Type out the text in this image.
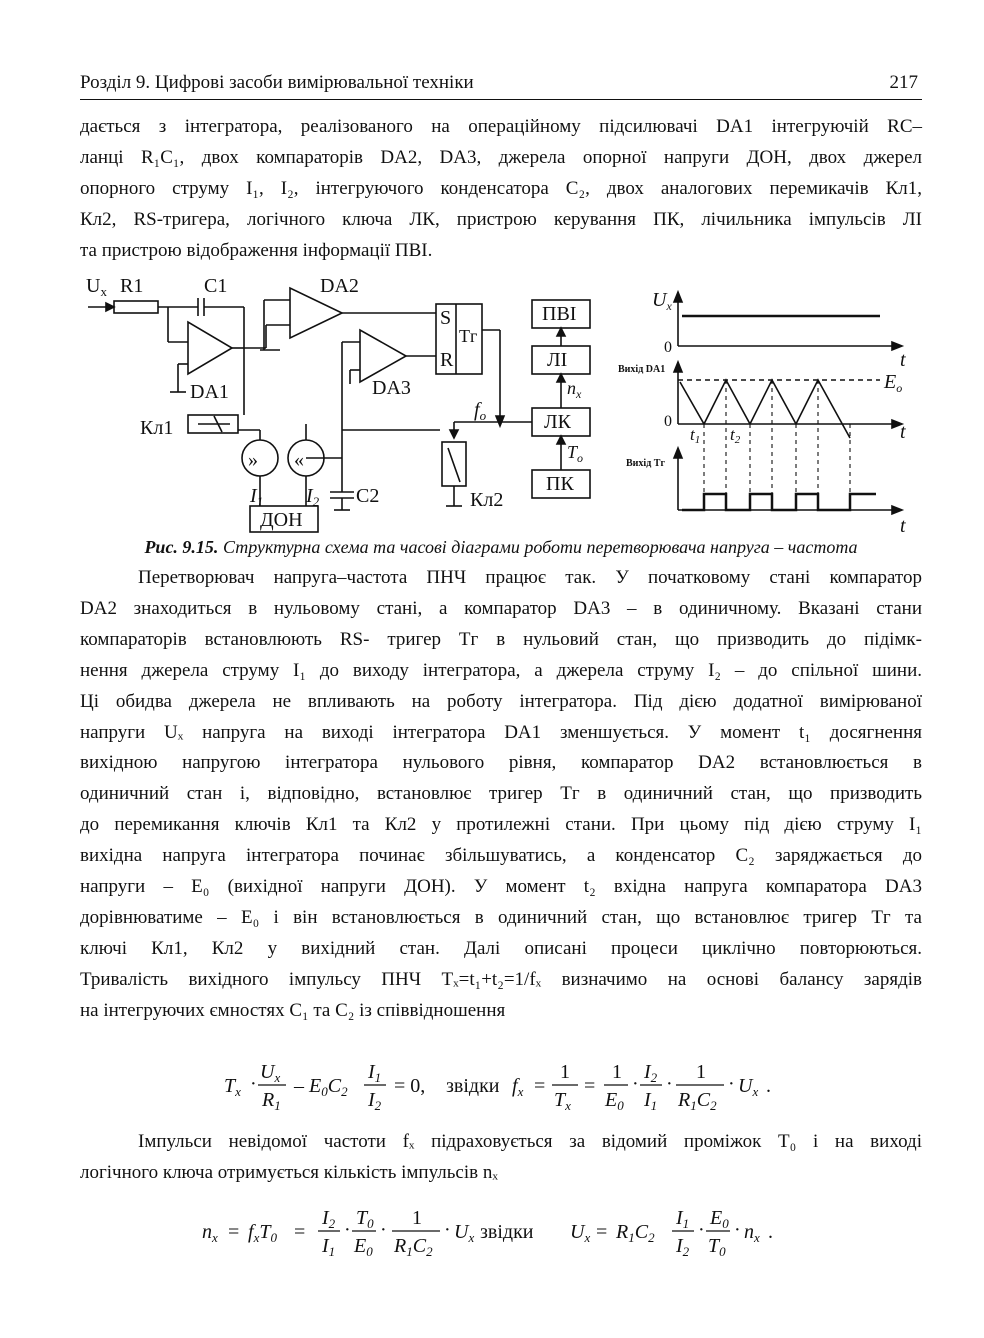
Розділ 9. Цифрові засоби вимірювальної техніки	217

дається з інтегратора, реалізованого на операційному підсилювачі DA1 інтегруючій RC–
ланці R₁C₁, двох компараторів DA2, DA3, джерела опорної напруги ДОН, двох джерел
опорного струму I₁, I₂, інтегруючого конденсатора C₂, двох аналогових перемикачів Кл1,
Кл2, RS-тригера, логічного ключа ЛК, пристрою керування ПК, лічильника імпульсів ЛІ
та пристрою відображення інформації ПВІ.

$U_x$ R1	C1	DA2
DA1	DA3
Кл1
Кл2
S
R
Тг
C2
$I_1$ $I_2$
ДОН
ПВІ
ЛІ
ЛК
ПК
$f_o$
$n_x$
$T_o$
» «
$U_x$
0
t
Вихід DA1
$E_o$
0
t1 t2	t
Вихід Тг
t

Рис. 9.15. Структурна схема та часові діаграми роботи перетворювача напруга – частота

Перетворювач напруга–частота ПНЧ працює так. У початковому стані компаратор
DA2 знаходиться в нульовому стані, а компаратор DA3 – в одиничному. Вказані стани
компараторів встановлюють RS- тригер Тг в нульовий стан, що призводить до підімк-
нення джерела струму I₁ до виходу інтегратора, а джерела струму I₂ – до спільної шини.
Ці обидва джерела не впливають на роботу інтегратора. Під дією додатної вимірюваної
напруги Uₓ напруга на виході інтегратора DA1 зменшується. У момент t₁ досягнення
вихідною напругою інтегратора нульового рівня, компаратор DA2 встановлюється в
одиничний стан і, відповідно, встановлює тригер Тг в одиничний стан, що призводить
до перемикання ключів Кл1 та Кл2 у протилежні стани. При цьому під дією струму I₁
вихідна напруга інтегратора починає збільшуватись, а конденсатор C₂ заряджається до
напруги – E₀ (вихідної напруги ДОН). У момент t₂ вхідна напруга компаратора DA3
дорівнюватиме – E₀ і він встановлюється в одиничний стан, що встановлює тригер Тг та
ключі Кл1, Кл2 у вихідний стан. Далі описані процеси циклічно повторюються.
Тривалість вихідного імпульсу ПНЧ Tₓ=t₁+t₂=1/fₓ визначимо на основі балансу зарядів
на інтегруючих ємностях C₁ та C₂ із співвідношення

$T_x$ ·
$U_x$
$R_1$
– $E_0C_2$
$I_1$
$I_2$
= 0, звідки $f_x$ =
1
$T_x$
=
1
$E_0$
·
$I_2$
$I_1$
·
1
$R_1C_2$
· $U_x$ .

Імпульси невідомої частоти fₓ підраховується за відомий проміжок T₀ і на виході
логічного ключа отримується кількість імпульсів nₓ

$n_x = f_xT_0$ =
$I_2$
$I_1$
·
$T_0$
$E_0$
·
1
$R_1C_2$
· $U_x$ звідки $U_x = R_1C_2$
$I_1$
$I_2$
·
$E_0$
$T_0$
· $n_x$ .
